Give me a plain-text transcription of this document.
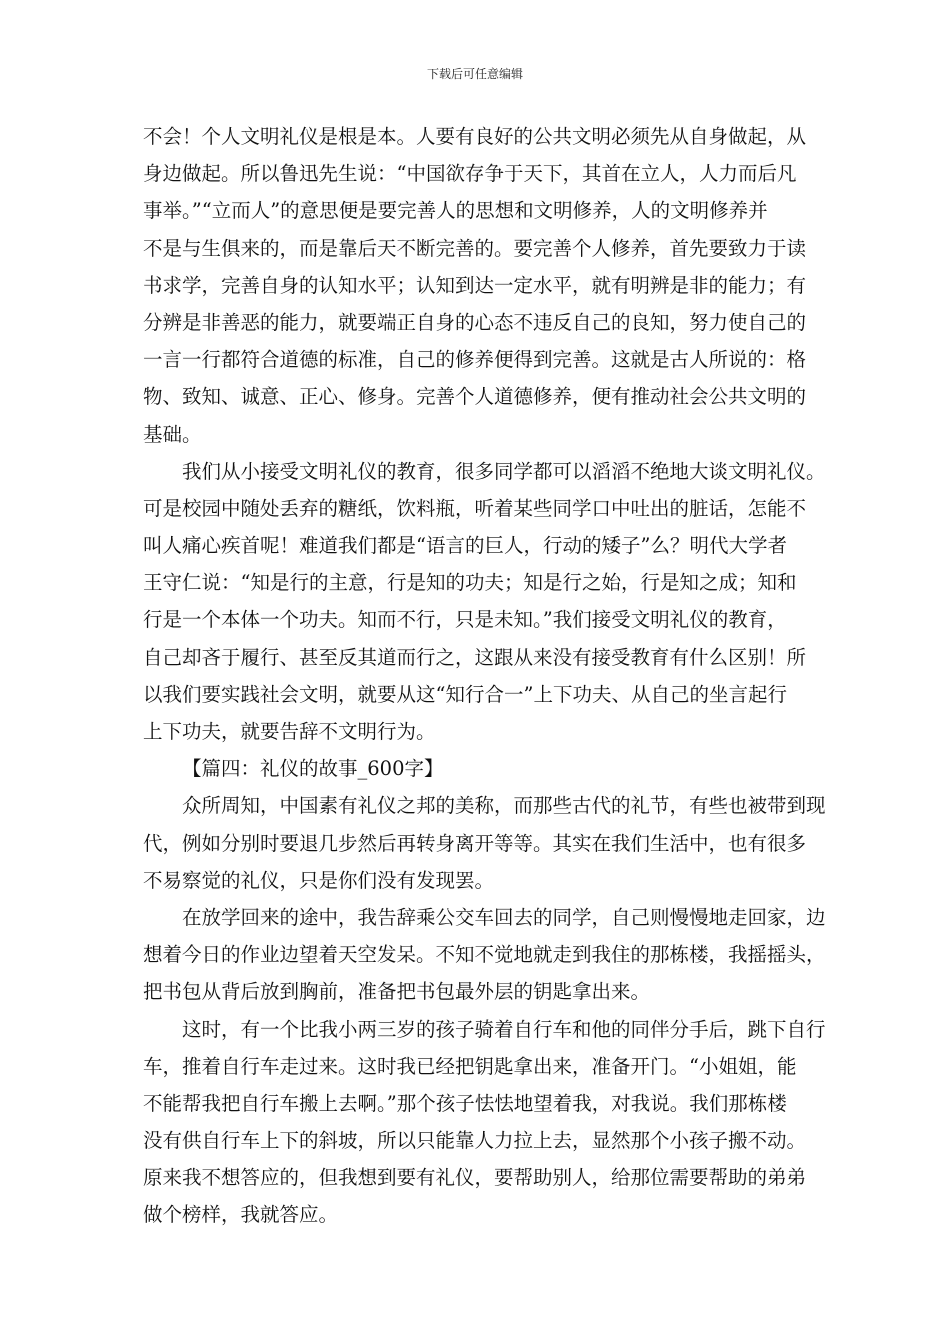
下载后可任意编辑
不会！个人文明礼仪是根是本。人要有良好的公共文明必须先从自身做起，从
身边做起。所以鲁迅先生说：“中国欲存争于天下，其首在立人，人力而后凡
事举。”“立而人”的意思便是要完善人的思想和文明修养，人的文明修养并
不是与生俱来的，而是靠后天不断完善的。要完善个人修养，首先要致力于读
书求学，完善自身的认知水平；认知到达一定水平，就有明辨是非的能力；有
分辨是非善恶的能力，就要端正自身的心态不违反自己的良知，努力使自己的
一言一行都符合道德的标准，自己的修养便得到完善。这就是古人所说的：格
物、致知、诚意、正心、修身。完善个人道德修养，便有推动社会公共文明的
基础。
我们从小接受文明礼仪的教育，很多同学都可以滔滔不绝地大谈文明礼仪。
可是校园中随处丢弃的糖纸，饮料瓶，听着某些同学口中吐出的脏话，怎能不
叫人痛心疾首呢！难道我们都是“语言的巨人，行动的矮子”么？明代大学者
王守仁说：“知是行的主意，行是知的功夫；知是行之始，行是知之成；知和
行是一个本体一个功夫。知而不行，只是未知。”我们接受文明礼仪的教育，
自己却吝于履行、甚至反其道而行之，这跟从来没有接受教育有什么区别！所
以我们要实践社会文明，就要从这“知行合一”上下功夫、从自己的坐言起行
上下功夫，就要告辞不文明行为。
【篇四：礼仪的故事_600字】
众所周知，中国素有礼仪之邦的美称，而那些古代的礼节，有些也被带到现
代，例如分别时要退几步然后再转身离开等等。其实在我们生活中，也有很多
不易察觉的礼仪，只是你们没有发现罢。
在放学回来的途中，我告辞乘公交车回去的同学，自己则慢慢地走回家，边
想着今日的作业边望着天空发呆。不知不觉地就走到我住的那栋楼，我摇摇头，
把书包从背后放到胸前，准备把书包最外层的钥匙拿出来。
这时，有一个比我小两三岁的孩子骑着自行车和他的同伴分手后，跳下自行
车，推着自行车走过来。这时我已经把钥匙拿出来，准备开门。“小姐姐，能
不能帮我把自行车搬上去啊。”那个孩子怯怯地望着我，对我说。我们那栋楼
没有供自行车上下的斜坡，所以只能靠人力拉上去，显然那个小孩子搬不动。
原来我不想答应的，但我想到要有礼仪，要帮助别人，给那位需要帮助的弟弟
做个榜样，我就答应。
